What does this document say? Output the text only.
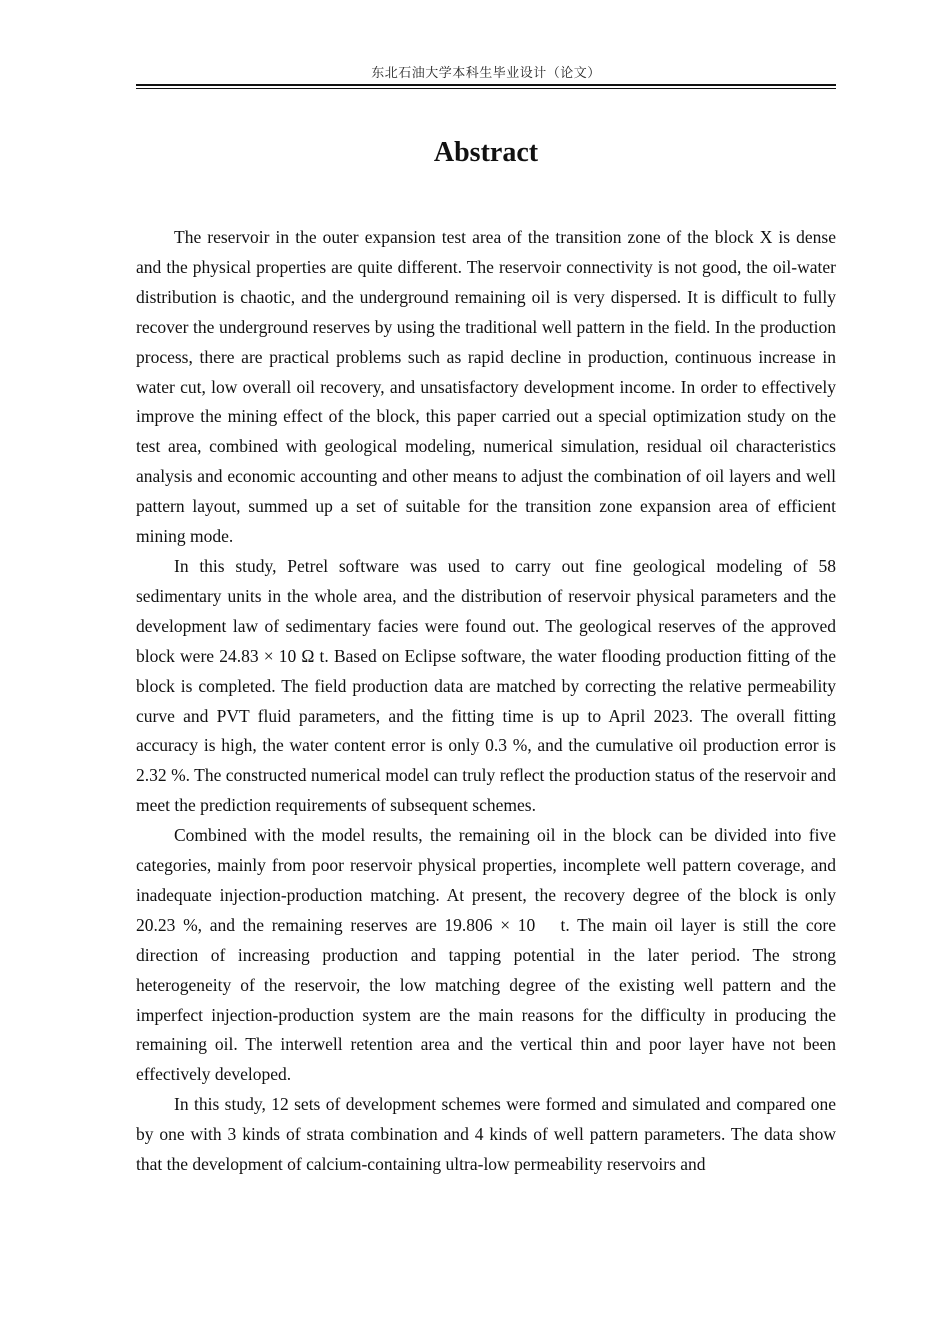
东北石油大学本科生毕业设计（论文）
Abstract

The reservoir in the outer expansion test area of the transition zone of the block X is dense and the physical properties are quite different. The reservoir connectivity is not good, the oil-water distribution is chaotic, and the underground remaining oil is very dispersed. It is difficult to fully recover the underground reserves by using the traditional well pattern in the field. In the production process, there are practical problems such as rapid decline in production, continuous increase in water cut, low overall oil recovery, and unsatisfactory development income. In order to effectively improve the mining effect of the block, this paper carried out a special optimization study on the test area, combined with geological modeling, numerical simulation, residual oil characteristics analysis and economic accounting and other means to adjust the combination of oil layers and well pattern layout, summed up a set of suitable for the transition zone expansion area of efficient mining mode.

In this study, Petrel software was used to carry out fine geological modeling of 58 sedimentary units in the whole area, and the distribution of reservoir physical parameters and the development law of sedimentary facies were found out. The geological reserves of the approved block were 24.83 × 10 Ω t. Based on Eclipse software, the water flooding production fitting of the block is completed. The field production data are matched by correcting the relative permeability curve and PVT fluid parameters, and the fitting time is up to April 2023. The overall fitting accuracy is high, the water content error is only 0.3 %, and the cumulative oil production error is 2.32 %. The constructed numerical model can truly reflect the production status of the reservoir and meet the prediction requirements of subsequent schemes.

Combined with the model results, the remaining oil in the block can be divided into five categories, mainly from poor reservoir physical properties, incomplete well pattern coverage, and inadequate injection-production matching. At present, the recovery degree of the block is only 20.23 %, and the remaining reserves are 19.806 × 10  t. The main oil layer is still the core direction of increasing production and tapping potential in the later period. The strong heterogeneity of the reservoir, the low matching degree of the existing well pattern and the imperfect injection-production system are the main reasons for the difficulty in producing the remaining oil. The interwell retention area and the vertical thin and poor layer have not been effectively developed.

In this study, 12 sets of development schemes were formed and simulated and compared one by one with 3 kinds of strata combination and 4 kinds of well pattern parameters. The data show that the development of calcium-containing ultra-low permeability reservoirs and
